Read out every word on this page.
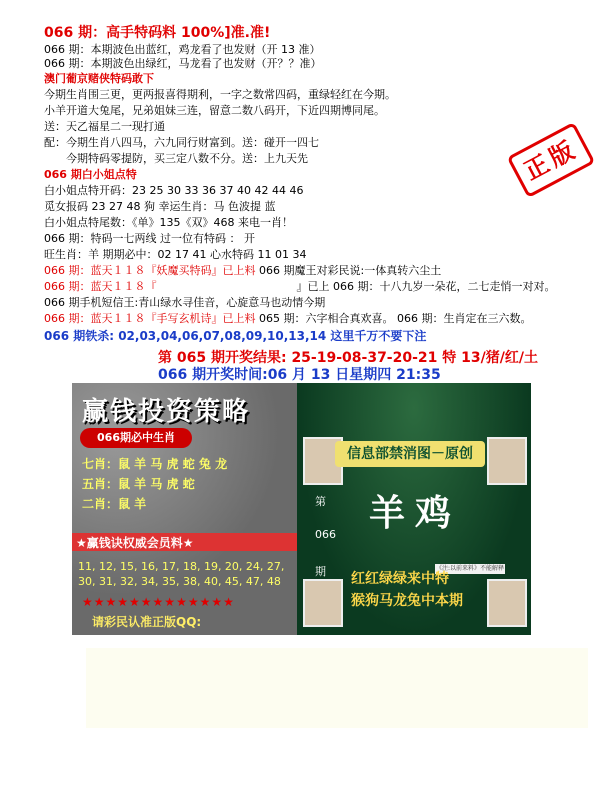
066 期：高手特码料 100%]准.准!
066 期：本期波色出蓝红，鸡龙看了也发财（开 13 准）
066 期：本期波色出绿红，马龙看了也发财（开？？准）
澳门葡京赌侠特码敢下
今期生肖围三更，更两报喜得期利，一字之数常四码，重绿轻红在今期。
小羊开道大兔尾，兄弟姐妹三连，留意二数八码开，下近四期博同尾。
送：天乙福星二一现打通
配：今期生肖八四马，六九同行财富到。送：碰开一四七
今期特码零提防，买三定八数不分。送：上九天先	正版
066 期白小姐点特
白小姐点特开码：23 25 30 33 36 37 40 42 44 46
觅女报码 23 27 48 狗 幸运生肖：马 色波提 蓝
白小姐点特尾数：《单》135《双》468 来电一肖！
066 期：特码一七两线 过一位有特码 ： 开
旺生肖：羊 期期必中：02 17 41 心水特码 11 01 34
066 期：蓝天１１８『妖魔买特码』已上料 066 期魔王对彩民说:一体真转六尘土
066 期：蓝天１１８『	』已上 066 期：十八九岁一朵花，二七走悄一对对。
066 期手机短信王:青山绿水寻佳音，心旋意马也动情今期
066 期：蓝天１１８『手写玄机诗』已上料 065 期：六字相合真欢喜。 066 期：生肖定在三六数。
066 期铁杀: 02,03,04,06,07,08,09,10,13,14 这里千万不要下注
第 065 期开奖结果: 25-19-08-37-20-21 特 13/猪/红/土
066 期开奖时间:06 月 13 日星期四 21:35
赢钱投资策略
066期必中生肖
七肖：鼠 羊 马 虎 蛇 兔 龙
五肖：鼠 羊 马 虎 蛇
二肖：鼠 羊
★赢钱诀权威会员料★
11, 12, 15, 16, 17, 18, 19, 20, 24, 27,
30, 31, 32, 34, 35, 38, 40, 45, 47, 48
★★★★★★★★★★★★★
请彩民认准正版QQ:
信息部禁消图－原创
第
066
期
羊鸡
《注:以前来料》不能解释
红红绿绿来中特
猴狗马龙兔中本期
